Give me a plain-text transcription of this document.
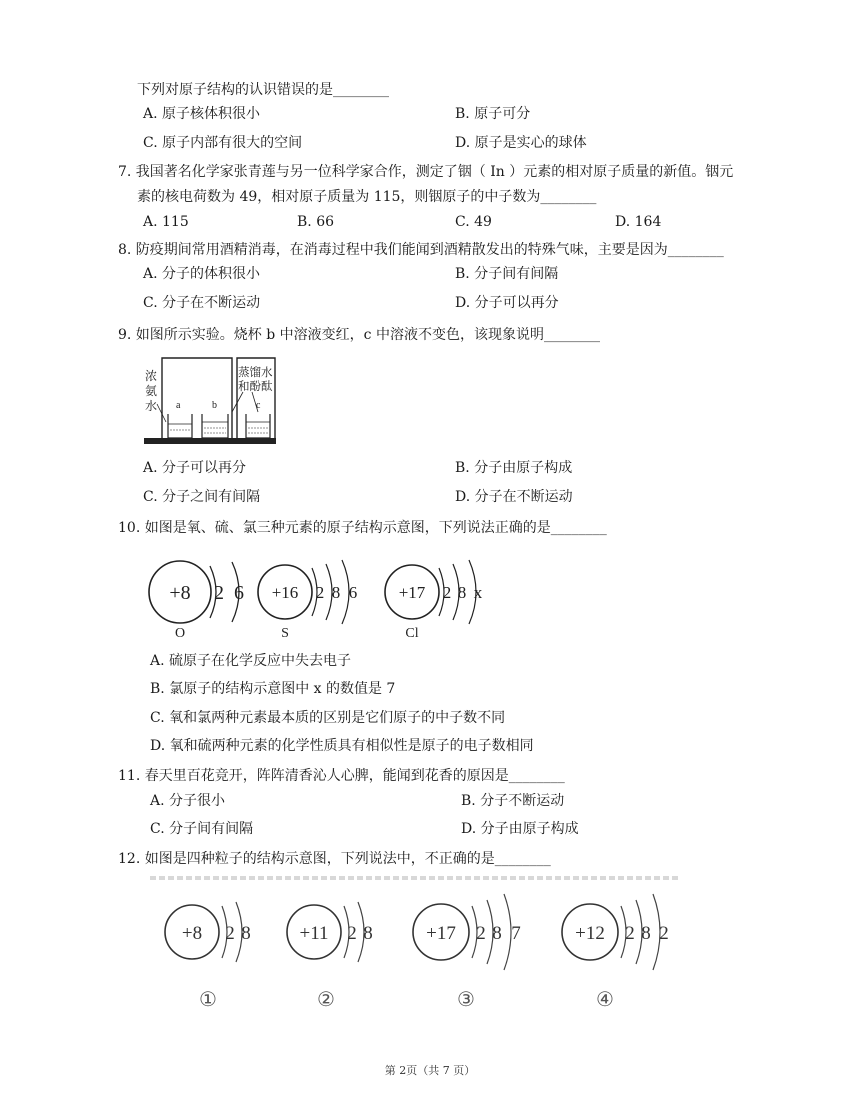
下列对原子结构的认识错误的是________
A. 原子核体积很小	B. 原子可分
C. 原子内部有很大的空间	D. 原子是实心的球体
7. 我国著名化学家张青莲与另一位科学家合作，测定了铟（ In ）元素的相对原子质量的新值。铟元
素的核电荷数为 49，相对原子质量为 115，则铟原子的中子数为________
A. 115	B. 66	C. 49	D. 164
8. 防疫期间常用酒精消毒，在消毒过程中我们能闻到酒精散发出的特殊气味，主要是因为________
A. 分子的体积很小	B. 分子间有间隔
C. 分子在不断运动	D. 分子可以再分
9. 如图所示实验。烧杯 b 中溶液变红，c 中溶液不变色，该现象说明________
浓
氨
水
蒸馏水
和酚酞
a	b	c
A. 分子可以再分	B. 分子由原子构成
C. 分子之间有间隔	D. 分子在不断运动
10. 如图是氧、硫、氯三种元素的原子结构示意图，下列说法正确的是________
+8 2 6
O
+16 2 8 6
S
+17 2 8 x
Cl
A. 硫原子在化学反应中失去电子
B. 氯原子的结构示意图中 x 的数值是 7
C. 氧和氯两种元素最本质的区别是它们原子的中子数不同
D. 氧和硫两种元素的化学性质具有相似性是原子的电子数相同
11. 春天里百花竞开，阵阵清香沁人心脾，能闻到花香的原因是________
A. 分子很小	B. 分子不断运动
C. 分子间有间隔	D. 分子由原子构成
12. 如图是四种粒子的结构示意图，下列说法中，不正确的是________
+8 2 8
①
+11 2 8
②
+17 2 8 7
③
+12 2 8 2
④
第 2页（共 7 页）
